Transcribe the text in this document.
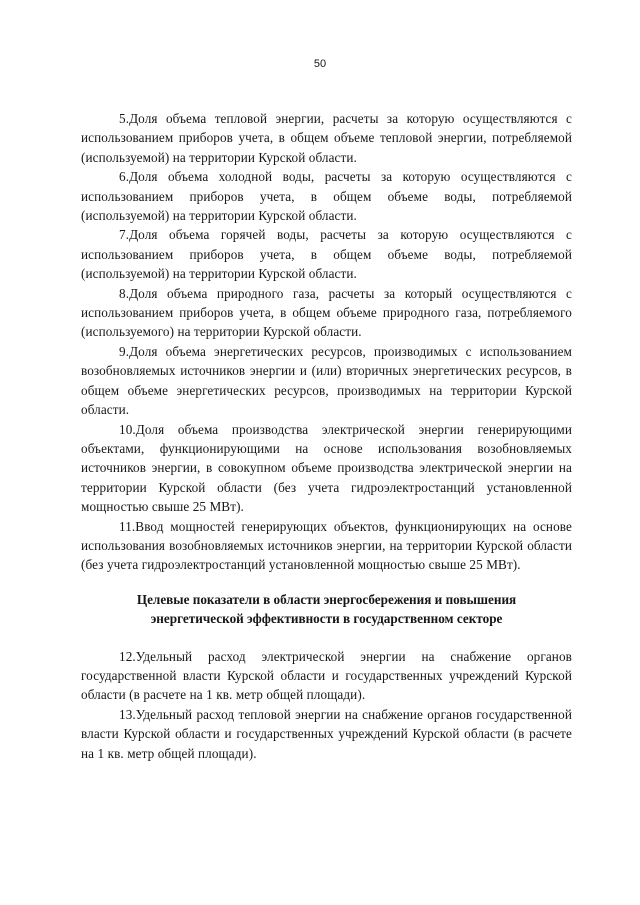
50

5.Доля объема тепловой энергии, расчеты за которую осуществляются с использованием приборов учета, в общем объеме тепловой энергии, потребляемой (используемой) на территории Курской области.

6.Доля объема холодной воды, расчеты за которую осуществляются с использованием приборов учета, в общем объеме воды, потребляемой (используемой) на территории Курской области.

7.Доля объема горячей воды, расчеты за которую осуществляются с использованием приборов учета, в общем объеме воды, потребляемой (используемой) на территории Курской области.

8.Доля объема природного газа, расчеты за который осуществляются с использованием приборов учета, в общем объеме природного газа, потребляемого (используемого) на территории Курской области.

9.Доля объема энергетических ресурсов, производимых с использованием возобновляемых источников энергии и (или) вторичных энергетических ресурсов, в общем объеме энергетических ресурсов, производимых на территории Курской области.

10.Доля объема производства электрической энергии генерирующими объектами, функционирующими на основе использования возобновляемых источников энергии, в совокупном объеме производства электрической энергии на территории Курской области (без учета гидроэлектростанций установленной мощностью свыше 25 МВт).

11.Ввод мощностей генерирующих объектов, функционирующих на основе использования возобновляемых источников энергии, на территории Курской области (без учета гидроэлектростанций установленной мощностью свыше 25 МВт).

Целевые показатели в области энергосбережения и повышения
энергетической эффективности в государственном секторе

12.Удельный расход электрической энергии на снабжение органов государственной власти Курской области и государственных учреждений Курской области (в расчете на 1 кв. метр общей площади).

13.Удельный расход тепловой энергии на снабжение органов государственной власти Курской области и государственных учреждений Курской области (в расчете на 1 кв. метр общей площади).
